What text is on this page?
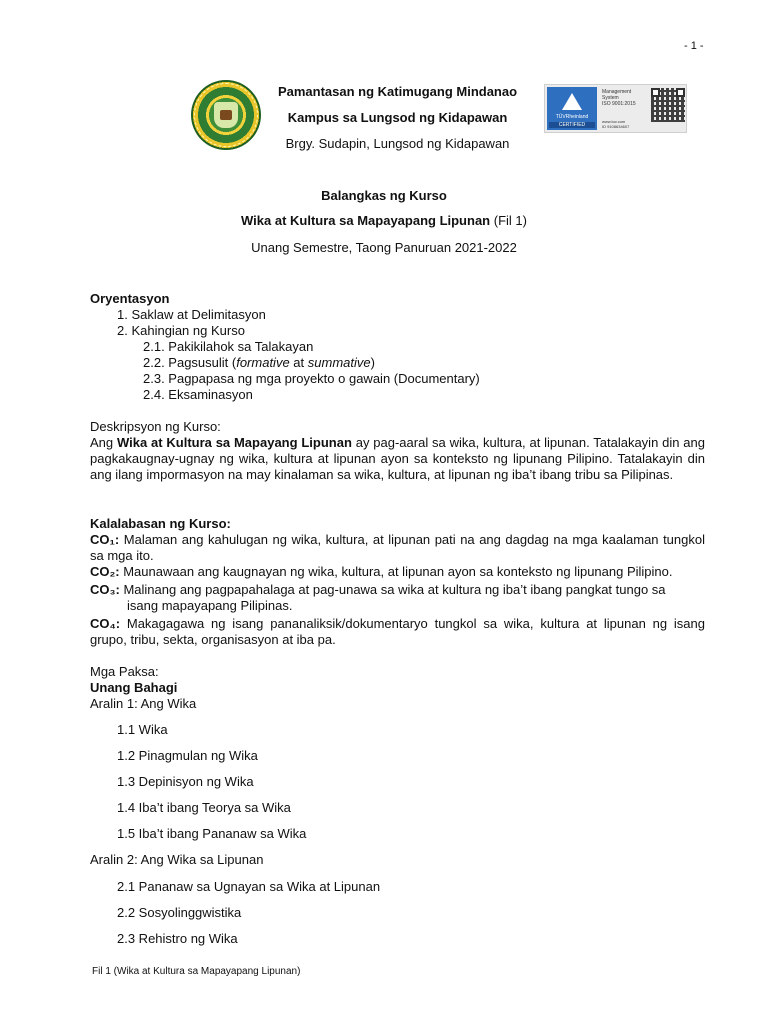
- 1 -
Pamantasan ng Katimugang Mindanao
Kampus sa Lungsod ng Kidapawan
Brgy. Sudapin, Lungsod ng Kidapawan
TÜVRheinland
CERTIFIED
Management
System
ISO 9001:2015
www.tuv.com
ID 9108634607
Balangkas ng Kurso
Wika at Kultura sa Mapayapang Lipunan (Fil 1)
Unang Semestre, Taong Panuruan 2021-2022
Oryentasyon
1. Saklaw at Delimitasyon
2. Kahingian ng Kurso
2.1. Pakikilahok sa Talakayan
2.2. Pagsusulit (formative at summative)
2.3. Pagpapasa ng mga proyekto o gawain (Documentary)
2.4. Eksaminasyon
Deskripsyon ng Kurso:
Ang Wika at Kultura sa Mapayang Lipunan ay pag-aaral sa wika, kultura, at lipunan. Tatalakayin din ang pagkakaugnay-ugnay ng wika, kultura at lipunan ayon sa konteksto ng lipunang Pilipino. Tatalakayin din ang ilang impormasyon na may kinalaman sa wika, kultura, at lipunan ng iba’t ibang tribu sa Pilipinas.
Kalalabasan ng Kurso:
CO₁: Malaman ang kahulugan ng wika, kultura, at lipunan pati na ang dagdag na mga kaalaman tungkol sa mga ito.
CO₂: Maunawaan ang kaugnayan ng wika, kultura, at lipunan ayon sa konteksto ng lipunang Pilipino.
CO₃: Malinang ang pagpapahalaga at pag-unawa sa wika at kultura ng iba’t ibang pangkat tungo sa
isang mapayapang Pilipinas.
CO₄: Makagagawa ng isang pananaliksik/dokumentaryo tungkol sa wika, kultura at lipunan ng isang grupo, tribu, sekta, organisasyon at iba pa.
Mga Paksa:
Unang Bahagi
Aralin 1: Ang Wika
1.1 Wika
1.2 Pinagmulan ng Wika
1.3 Depinisyon ng Wika
1.4 Iba’t ibang Teorya sa Wika
1.5 Iba’t ibang Pananaw sa Wika
Aralin 2: Ang Wika sa Lipunan
2.1 Pananaw sa Ugnayan sa Wika at Lipunan
2.2 Sosyolinggwistika
2.3 Rehistro ng Wika
Fil 1 (Wika at Kultura sa Mapayapang Lipunan)
